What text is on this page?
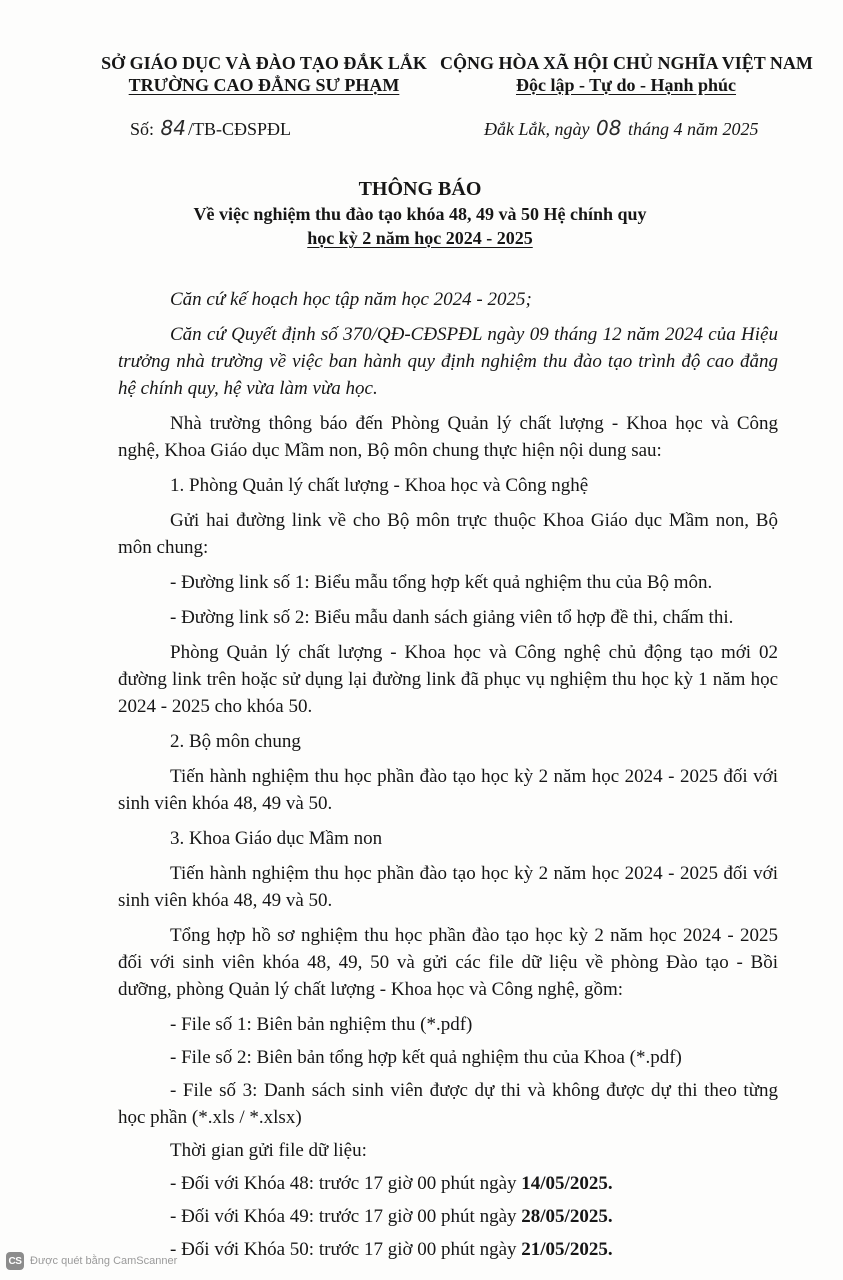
SỞ GIÁO DỤC VÀ ĐÀO TẠO ĐẮK LẮK
TRƯỜNG CAO ĐẲNG SƯ PHẠM
CỘNG HÒA XÃ HỘI CHỦ NGHĨA VIỆT NAM
Độc lập - Tự do - Hạnh phúc
Số: 84 /TB-CĐSPĐL	Đắk Lắk, ngày 08 tháng 4 năm 2025
THÔNG BÁO
Về việc nghiệm thu đào tạo khóa 48, 49 và 50 Hệ chính quy
học kỳ 2 năm học 2024 - 2025

Căn cứ kế hoạch học tập năm học 2024 - 2025;

Căn cứ Quyết định số 370/QĐ-CĐSPĐL ngày 09 tháng 12 năm 2024 của Hiệu trưởng nhà trường về việc ban hành quy định nghiệm thu đào tạo trình độ cao đẳng hệ chính quy, hệ vừa làm vừa học.

Nhà trường thông báo đến Phòng Quản lý chất lượng - Khoa học và Công nghệ, Khoa Giáo dục Mầm non, Bộ môn chung thực hiện nội dung sau:

1. Phòng Quản lý chất lượng - Khoa học và Công nghệ

Gửi hai đường link về cho Bộ môn trực thuộc Khoa Giáo dục Mầm non, Bộ môn chung:

- Đường link số 1: Biểu mẫu tổng hợp kết quả nghiệm thu của Bộ môn.

- Đường link số 2: Biểu mẫu danh sách giảng viên tổ hợp đề thi, chấm thi.

Phòng Quản lý chất lượng - Khoa học và Công nghệ chủ động tạo mới 02 đường link trên hoặc sử dụng lại đường link đã phục vụ nghiệm thu học kỳ 1 năm học 2024 - 2025 cho khóa 50.

2. Bộ môn chung

Tiến hành nghiệm thu học phần đào tạo học kỳ 2 năm học 2024 - 2025 đối với sinh viên khóa 48, 49 và 50.

3. Khoa Giáo dục Mầm non

Tiến hành nghiệm thu học phần đào tạo học kỳ 2 năm học 2024 - 2025 đối với sinh viên khóa 48, 49 và 50.

Tổng hợp hồ sơ nghiệm thu học phần đào tạo học kỳ 2 năm học 2024 - 2025 đối với sinh viên khóa 48, 49, 50 và gửi các file dữ liệu về phòng Đào tạo - Bồi dưỡng, phòng Quản lý chất lượng - Khoa học và Công nghệ, gồm:

- File số 1: Biên bản nghiệm thu (*.pdf)

- File số 2: Biên bản tổng hợp kết quả nghiệm thu của Khoa (*.pdf)

- File số 3: Danh sách sinh viên được dự thi và không được dự thi theo từng học phần (*.xls / *.xlsx)

Thời gian gửi file dữ liệu:

- Đối với Khóa 48: trước 17 giờ 00 phút ngày 14/05/2025.

- Đối với Khóa 49: trước 17 giờ 00 phút ngày 28/05/2025.

- Đối với Khóa 50: trước 17 giờ 00 phút ngày 21/05/2025.

CS Được quét bằng CamScanner
